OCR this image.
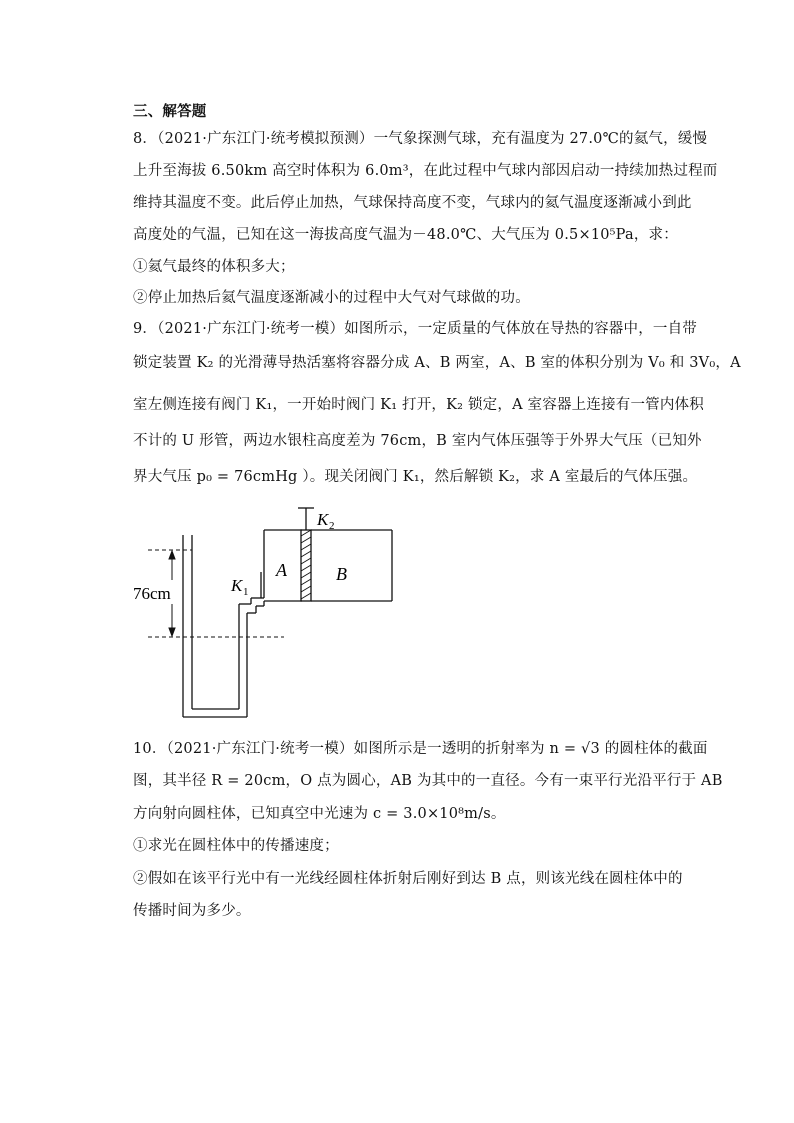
三、解答题
8．（2021·广东江门·统考模拟预测）一气象探测气球，充有温度为 27.0℃的氦气，缓慢
上升至海拔 6.50km 高空时体积为 6.0m³，在此过程中气球内部因启动一持续加热过程而
维持其温度不变。此后停止加热，气球保持高度不变，气球内的氦气温度逐渐减小到此
高度处的气温，已知在这一海拔高度气温为－48.0℃、大气压为 0.5×10⁵Pa，求：
①氦气最终的体积多大；
②停止加热后氦气温度逐渐减小的过程中大气对气球做的功。
9．（2021·广东江门·统考一模）如图所示，一定质量的气体放在导热的容器中，一自带
锁定装置 K₂ 的光滑薄导热活塞将容器分成 A、B 两室，A、B 室的体积分别为 V₀ 和 3V₀，A
室左侧连接有阀门 K₁，一开始时阀门 K₁ 打开，K₂ 锁定，A 室容器上连接有一管内体积
不计的 U 形管，两边水银柱高度差为 76cm，B 室内气体压强等于外界大气压（已知外
界大气压 p₀ = 76cmHg ）。现关闭阀门 K₁，然后解锁 K₂，求 A 室最后的气体压强。
76cm
K 2
K 1
A	B
10．（2021·广东江门·统考一模）如图所示是一透明的折射率为 n = √3 的圆柱体的截面
图，其半径 R = 20cm，O 点为圆心，AB 为其中的一直径。今有一束平行光沿平行于 AB
方向射向圆柱体，已知真空中光速为 c = 3.0×10⁸m/s。
①求光在圆柱体中的传播速度；
②假如在该平行光中有一光线经圆柱体折射后刚好到达 B 点，则该光线在圆柱体中的
传播时间为多少。
